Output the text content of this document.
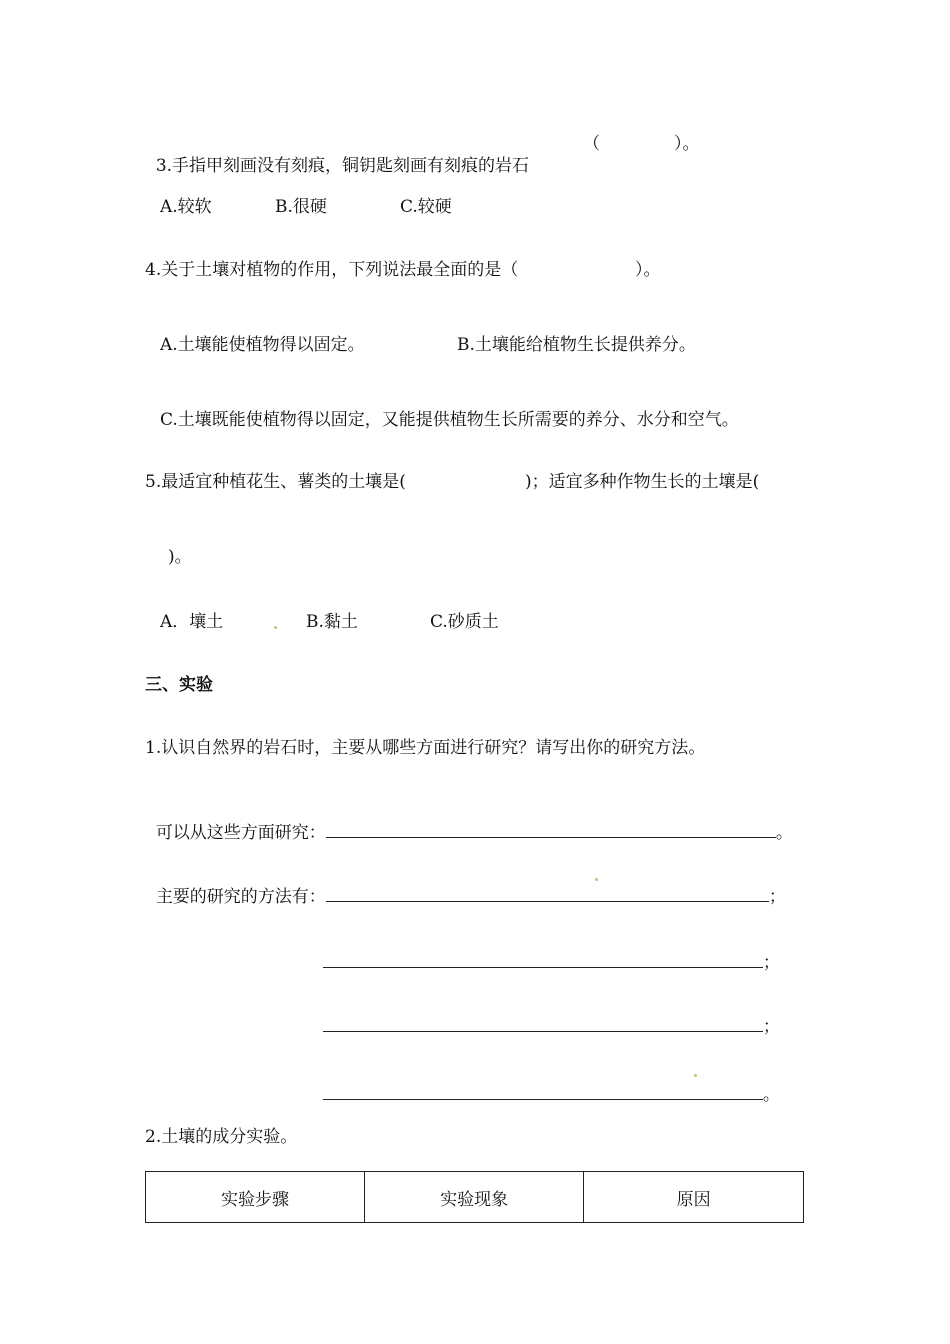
3.手指甲刻画没有刻痕，铜钥匙刻画有刻痕的岩石

（	）。
A.较软	B.很硬	C.较硬
4.关于土壤对植物的作用，下列说法最全面的是（	）。
A.土壤能使植物得以固定。	B.土壤能给植物生长提供养分。
C.土壤既能使植物得以固定，又能提供植物生长所需要的养分、水分和空气。
5.最适宜种植花生、薯类的土壤是(	)；适宜多种作物生长的土壤是(
)。
A．壤土	B.黏土	C.砂质土
三、实验
1.认识自然界的岩石时，主要从哪些方面进行研究？请写出你的研究方法。

可以从这些方面研究：	。

主要的研究的方法有：	；

；

；

。

2.土壤的成分实验。
实验步骤	实验现象	原因
